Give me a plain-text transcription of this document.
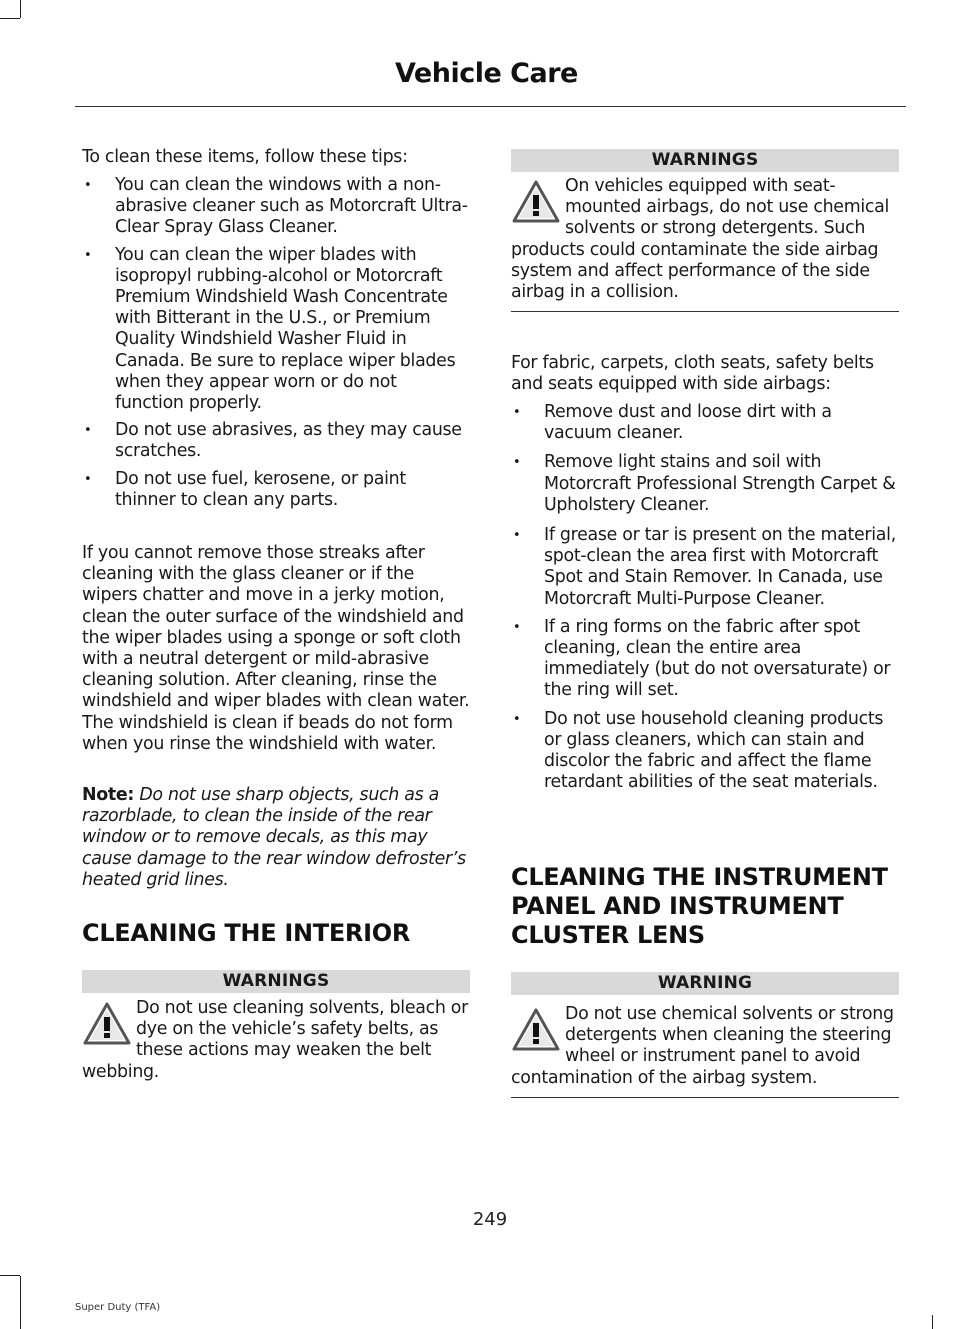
Vehicle Care

To clean these items, follow these tips:

• You can clean the windows with a non-abrasive cleaner such as Motorcraft Ultra-Clear Spray Glass Cleaner.
• You can clean the wiper blades with isopropyl rubbing-alcohol or Motorcraft Premium Windshield Wash Concentrate with Bitterant in the U.S., or Premium Quality Windshield Washer Fluid in Canada. Be sure to replace wiper blades when they appear worn or do not function properly.
• Do not use abrasives, as they may cause scratches.
• Do not use fuel, kerosene, or paint thinner to clean any parts.

If you cannot remove those streaks after cleaning with the glass cleaner or if the wipers chatter and move in a jerky motion, clean the outer surface of the windshield and the wiper blades using a sponge or soft cloth with a neutral detergent or mild-abrasive cleaning solution. After cleaning, rinse the windshield and wiper blades with clean water. The windshield is clean if beads do not form when you rinse the windshield with water.

Note: Do not use sharp objects, such as a razorblade, to clean the inside of the rear window or to remove decals, as this may cause damage to the rear window defroster’s heated grid lines.

CLEANING THE INTERIOR
WARNINGS

Do not use cleaning solvents, bleach or dye on the vehicle’s safety belts, as these actions may weaken the belt webbing.

WARNINGS

On vehicles equipped with seat-mounted airbags, do not use chemical solvents or strong detergents. Such products could contaminate the side airbag system and affect performance of the side airbag in a collision.

For fabric, carpets, cloth seats, safety belts and seats equipped with side airbags:

• Remove dust and loose dirt with a vacuum cleaner.
• Remove light stains and soil with Motorcraft Professional Strength Carpet & Upholstery Cleaner.
• If grease or tar is present on the material, spot-clean the area first with Motorcraft Spot and Stain Remover. In Canada, use Motorcraft Multi-Purpose Cleaner.
• If a ring forms on the fabric after spot cleaning, clean the entire area immediately (but do not oversaturate) or the ring will set.
• Do not use household cleaning products or glass cleaners, which can stain and discolor the fabric and affect the flame retardant abilities of the seat materials.
CLEANING THE INSTRUMENT PANEL AND INSTRUMENT CLUSTER LENS
WARNING

Do not use chemical solvents or strong detergents when cleaning the steering wheel or instrument panel to avoid contamination of the airbag system.

249
Super Duty (TFA)
